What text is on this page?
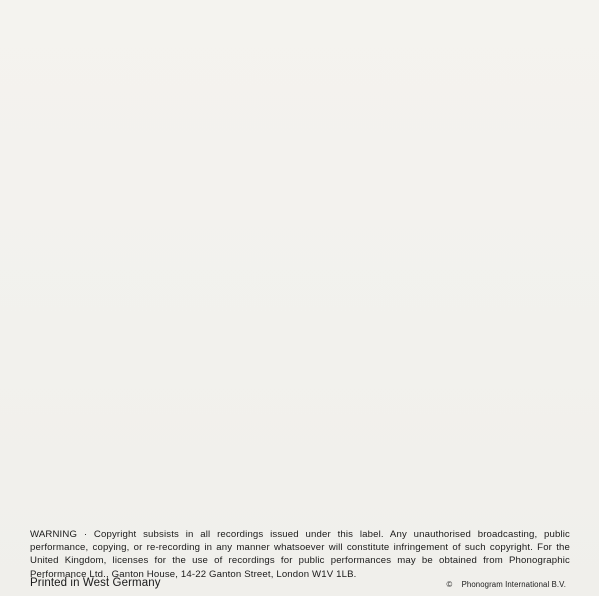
WARNING · Copyright subsists in all recordings issued under this label. Any unauthorised broadcasting, public performance, copying, or re-recording in any manner whatsoever will constitute infringement of such copyright. For the United Kingdom, licenses for the use of recordings for public performances may be obtained from Phonographic Performance Ltd., Ganton House, 14-22 Ganton Street, London W1V 1LB.

Printed in West Germany	© Phonogram International B.V.
